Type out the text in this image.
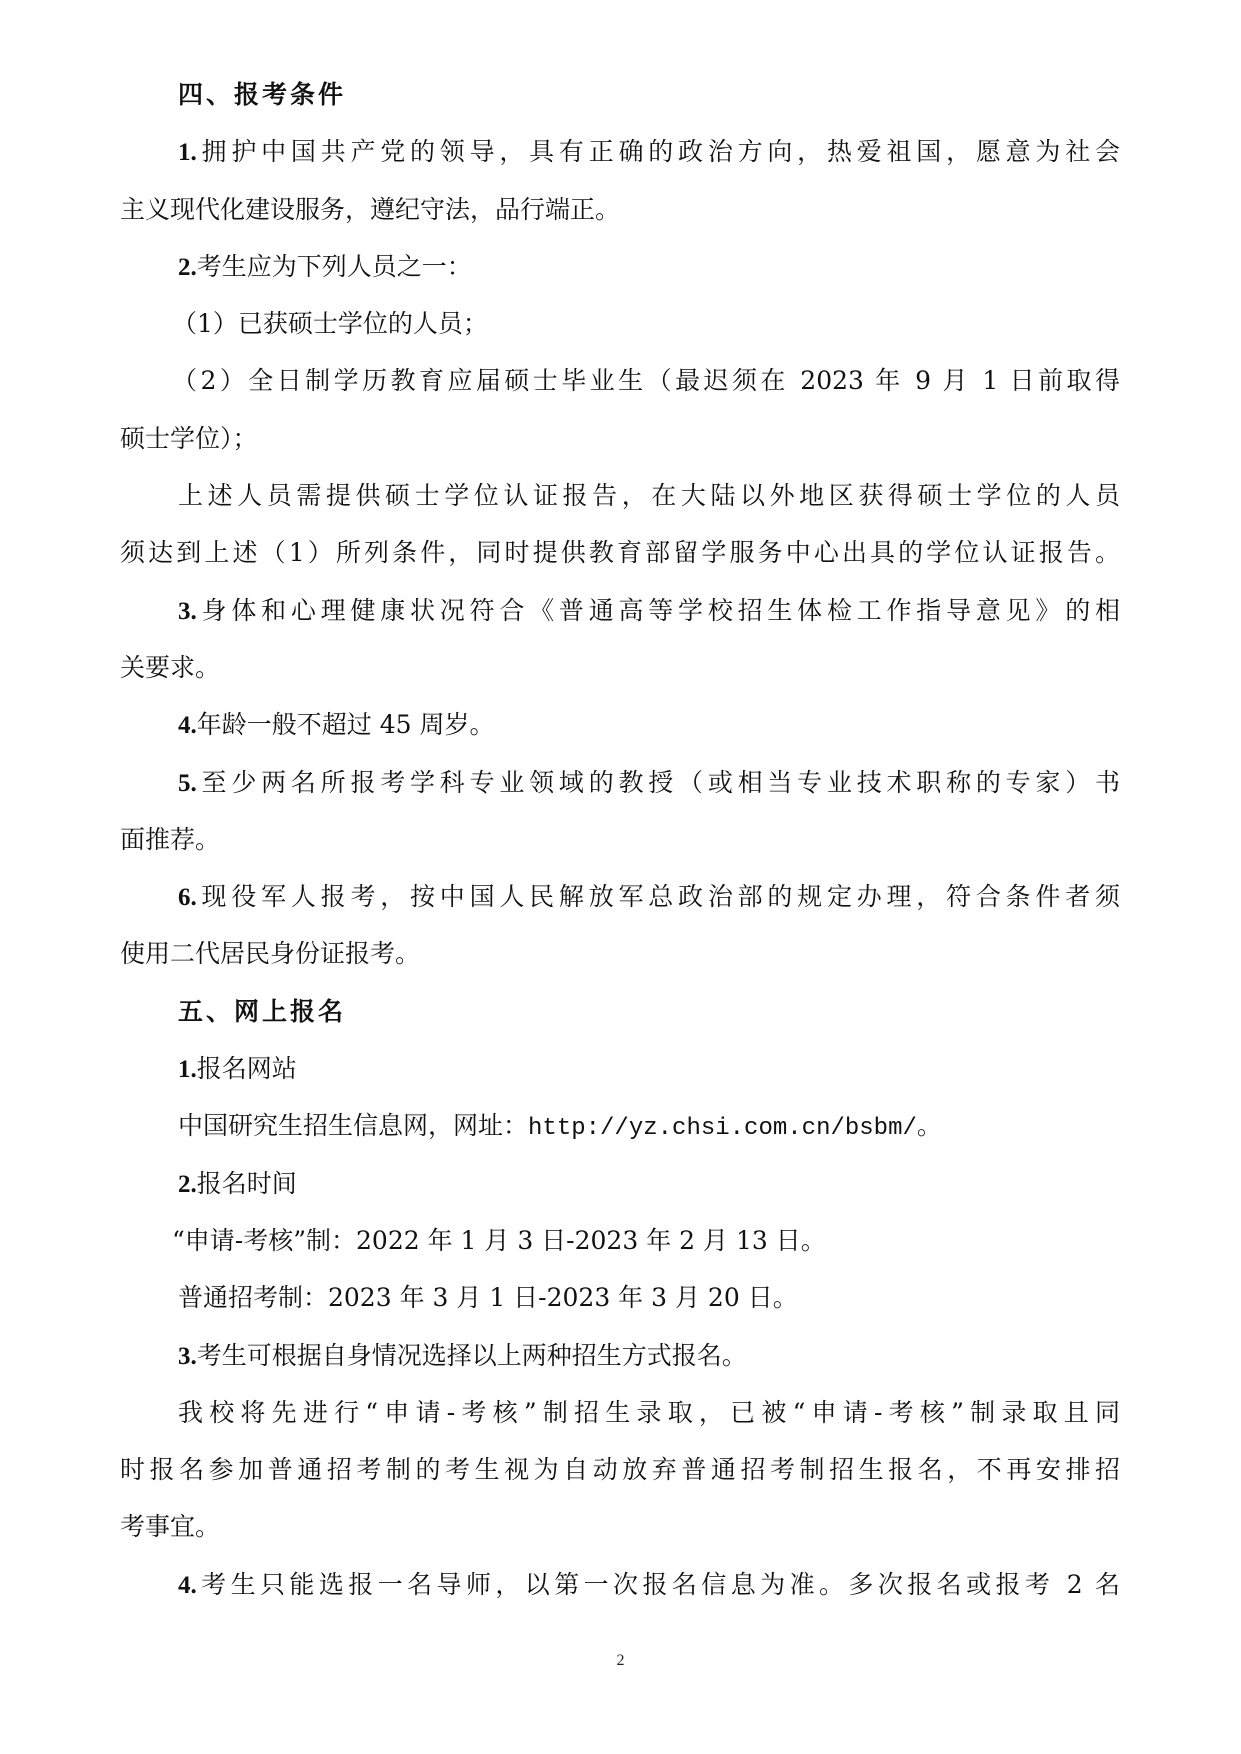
四、报考条件
1.拥护中国共产党的领导，具有正确的政治方向，热爱祖国，愿意为社会
主义现代化建设服务，遵纪守法，品行端正。
2.考生应为下列人员之一：
（1）已获硕士学位的人员；
（2）全日制学历教育应届硕士毕业生（最迟须在 2023 年 9 月 1 日前取得
硕士学位）；
上述人员需提供硕士学位认证报告，在大陆以外地区获得硕士学位的人员
须达到上述（1）所列条件，同时提供教育部留学服务中心出具的学位认证报告。
3.身体和心理健康状况符合《普通高等学校招生体检工作指导意见》的相
关要求。
4.年龄一般不超过 45 周岁。
5.至少两名所报考学科专业领域的教授（或相当专业技术职称的专家）书
面推荐。
6.现役军人报考，按中国人民解放军总政治部的规定办理，符合条件者须
使用二代居民身份证报考。
五、网上报名
1.报名网站
中国研究生招生信息网，网址：http://yz.chsi.com.cn/bsbm/。
2.报名时间
“申请-考核”制：2022 年 1 月 3 日-2023 年 2 月 13 日。
普通招考制：2023 年 3 月 1 日-2023 年 3 月 20 日。
3.考生可根据自身情况选择以上两种招生方式报名。
我校将先进行“申请-考核”制招生录取，已被“申请-考核”制录取且同
时报名参加普通招考制的考生视为自动放弃普通招考制招生报名，不再安排招
考事宜。
4.考生只能选报一名导师，以第一次报名信息为准。多次报名或报考 2 名
2
